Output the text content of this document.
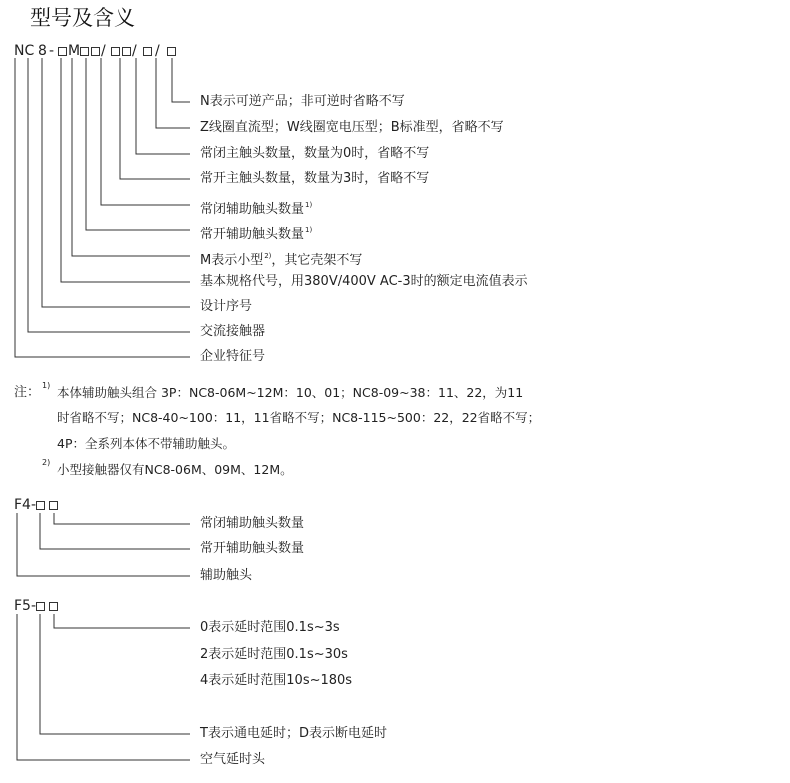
型号及含义
NC 8 - M / / /
N表示可逆产品；非可逆时省略不写
Z线圈直流型；W线圈宽电压型；B标准型，省略不写
常闭主触头数量，数量为0时，省略不写
常开主触头数量，数量为3时，省略不写
常闭辅助触头数量$^{1)}$
常开辅助触头数量$^{1)}$
M表示小型$^{2)}$，其它壳架不写
基本规格代号，用380V/400V AC-3时的额定电流值表示
设计序号
交流接触器
企业特征号
注： 1) 本体辅助触头组合 3P：NC8-06M~12M：10、01；NC8-09~38：11、22，为11
时省略不写；NC8-40~100：11，11省略不写；NC8-115~500：22，22省略不写；
4P：全系列本体不带辅助触头。
2) 小型接触器仅有NC8-06M、09M、12M。
F4-
常闭辅助触头数量
常开辅助触头数量
辅助触头
F5-
0表示延时范围0.1s~3s
2表示延时范围0.1s~30s
4表示延时范围10s~180s
T表示通电延时；D表示断电延时
空气延时头
